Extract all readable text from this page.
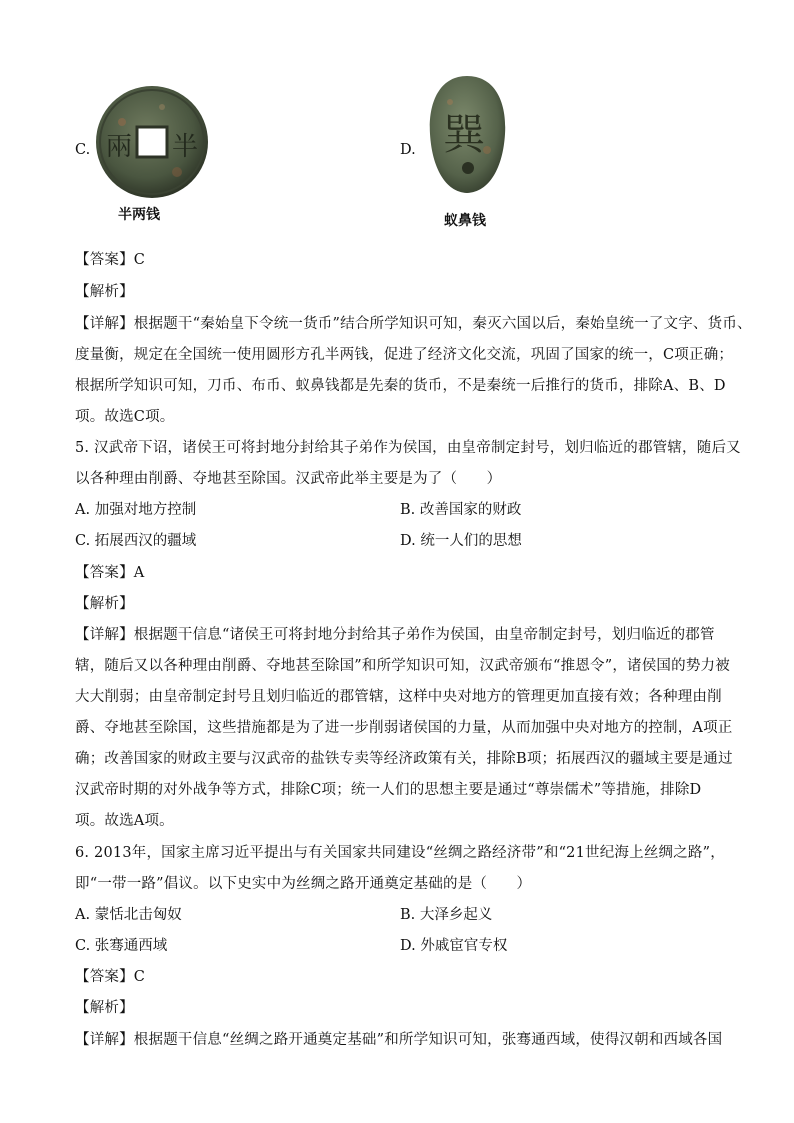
C. 兩 半
半两钱
D. 巽
蚁鼻钱
【答案】C
【解析】
【详解】根据题干“秦始皇下令统一货币”结合所学知识可知，秦灭六国以后，秦始皇统一了文字、货币、
度量衡，规定在全国统一使用圆形方孔半两钱，促进了经济文化交流，巩固了国家的统一，C项正确；
根据所学知识可知，刀币、布币、蚁鼻钱都是先秦的货币，不是秦统一后推行的货币，排除A、B、D
项。故选C项。
5. 汉武帝下诏，诸侯王可将封地分封给其子弟作为侯国，由皇帝制定封号，划归临近的郡管辖，随后又
以各种理由削爵、夺地甚至除国。汉武帝此举主要是为了（　　）
A. 加强对地方控制	B. 改善国家的财政
C. 拓展西汉的疆域	D. 统一人们的思想
【答案】A
【解析】
【详解】根据题干信息“诸侯王可将封地分封给其子弟作为侯国，由皇帝制定封号，划归临近的郡管
辖，随后又以各种理由削爵、夺地甚至除国”和所学知识可知，汉武帝颁布“推恩令”，诸侯国的势力被
大大削弱；由皇帝制定封号且划归临近的郡管辖，这样中央对地方的管理更加直接有效；各种理由削
爵、夺地甚至除国，这些措施都是为了进一步削弱诸侯国的力量，从而加强中央对地方的控制，A项正
确；改善国家的财政主要与汉武帝的盐铁专卖等经济政策有关，排除B项；拓展西汉的疆域主要是通过
汉武帝时期的对外战争等方式，排除C项；统一人们的思想主要是通过“尊崇儒术”等措施，排除D
项。故选A项。
6. 2013年，国家主席习近平提出与有关国家共同建设“丝绸之路经济带”和“21世纪海上丝绸之路”，
即“一带一路”倡议。以下史实中为丝绸之路开通奠定基础的是（　　）
A. 蒙恬北击匈奴	B. 大泽乡起义
C. 张骞通西域	D. 外戚宦官专权
【答案】C
【解析】
【详解】根据题干信息“丝绸之路开通奠定基础”和所学知识可知，张骞通西域，使得汉朝和西域各国
